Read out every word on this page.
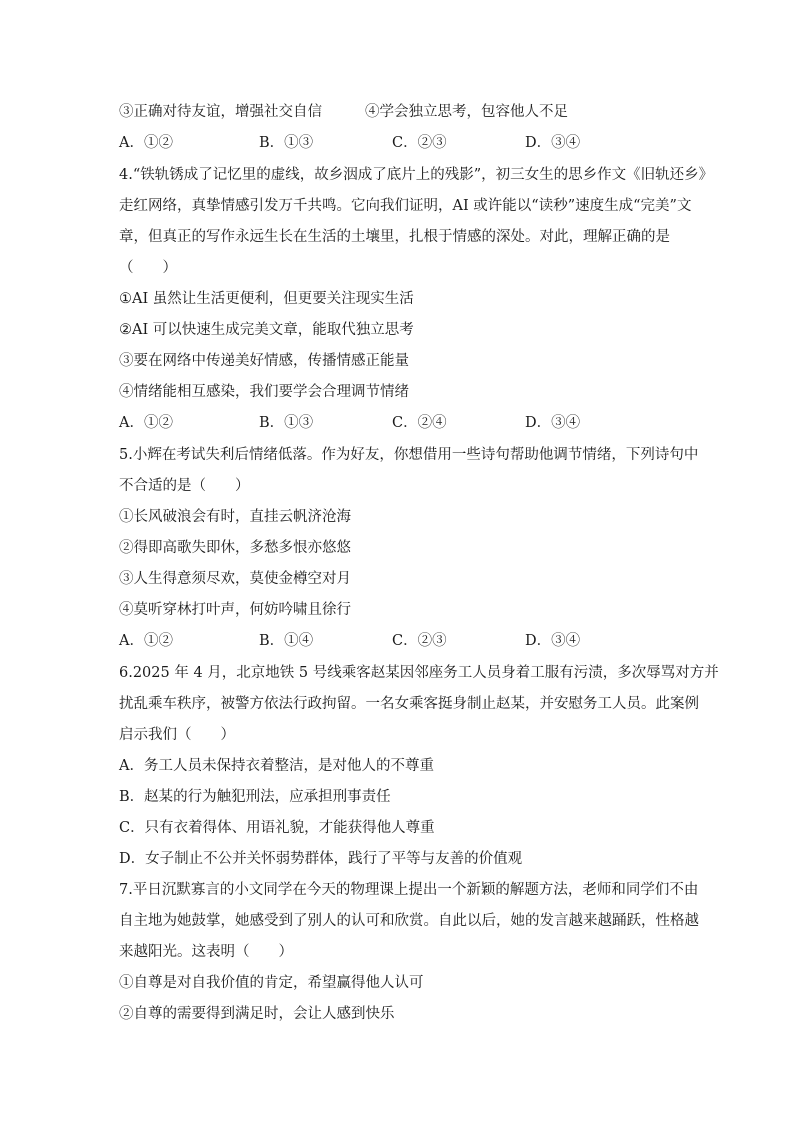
③正确对待友谊，增强社交自信	④学会独立思考，包容他人不足
A．①②	B．①③	C．②③	D．③④
4.“铁轨锈成了记忆里的虚线，故乡洇成了底片上的残影”，初三女生的思乡作文《旧轨还乡》
走红网络，真挚情感引发万千共鸣。它向我们证明，AI 或许能以“读秒”速度生成“完美”文
章，但真正的写作永远生长在生活的土壤里，扎根于情感的深处。对此，理解正确的是
（　　）
①AI 虽然让生活更便利，但更要关注现实生活
②AI 可以快速生成完美文章，能取代独立思考
③要在网络中传递美好情感，传播情感正能量
④情绪能相互感染，我们要学会合理调节情绪
A．①②	B．①③	C．②④	D．③④
5.小辉在考试失利后情绪低落。作为好友，你想借用一些诗句帮助他调节情绪，下列诗句中
不合适的是（　　）
①长风破浪会有时，直挂云帆济沧海
②得即高歌失即休，多愁多恨亦悠悠
③人生得意须尽欢，莫使金樽空对月
④莫听穿林打叶声，何妨吟啸且徐行
A．①②	B．①④	C．②③	D．③④
6.2025 年 4 月，北京地铁 5 号线乘客赵某因邻座务工人员身着工服有污渍，多次辱骂对方并
扰乱乘车秩序，被警方依法行政拘留。一名女乘客挺身制止赵某，并安慰务工人员。此案例
启示我们（　　）
A．务工人员未保持衣着整洁，是对他人的不尊重
B．赵某的行为触犯刑法，应承担刑事责任
C．只有衣着得体、用语礼貌，才能获得他人尊重
D．女子制止不公并关怀弱势群体，践行了平等与友善的价值观
7.平日沉默寡言的小文同学在今天的物理课上提出一个新颖的解题方法，老师和同学们不由
自主地为她鼓掌，她感受到了别人的认可和欣赏。自此以后，她的发言越来越踊跃，性格越
来越阳光。这表明（　　）
①自尊是对自我价值的肯定，希望赢得他人认可
②自尊的需要得到满足时，会让人感到快乐
